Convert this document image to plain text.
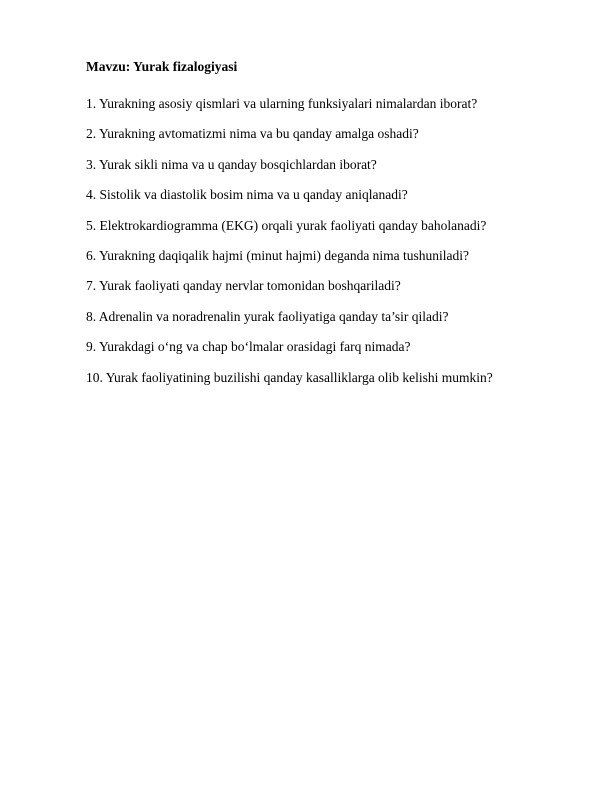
Mavzu: Yurak fizalogiyasi
1. Yurakning asosiy qismlari va ularning funksiyalari nimalardan iborat?
2. Yurakning avtomatizmi nima va bu qanday amalga oshadi?
3. Yurak sikli nima va u qanday bosqichlardan iborat?
4. Sistolik va diastolik bosim nima va u qanday aniqlanadi?
5. Elektrokardiogramma (EKG) orqali yurak faoliyati qanday baholanadi?
6. Yurakning daqiqalik hajmi (minut hajmi) deganda nima tushuniladi?
7. Yurak faoliyati qanday nervlar tomonidan boshqariladi?
8. Adrenalin va noradrenalin yurak faoliyatiga qanday ta’sir qiladi?
9. Yurakdagi o‘ng va chap bo‘lmalar orasidagi farq nimada?
10. Yurak faoliyatining buzilishi qanday kasalliklarga olib kelishi mumkin?
